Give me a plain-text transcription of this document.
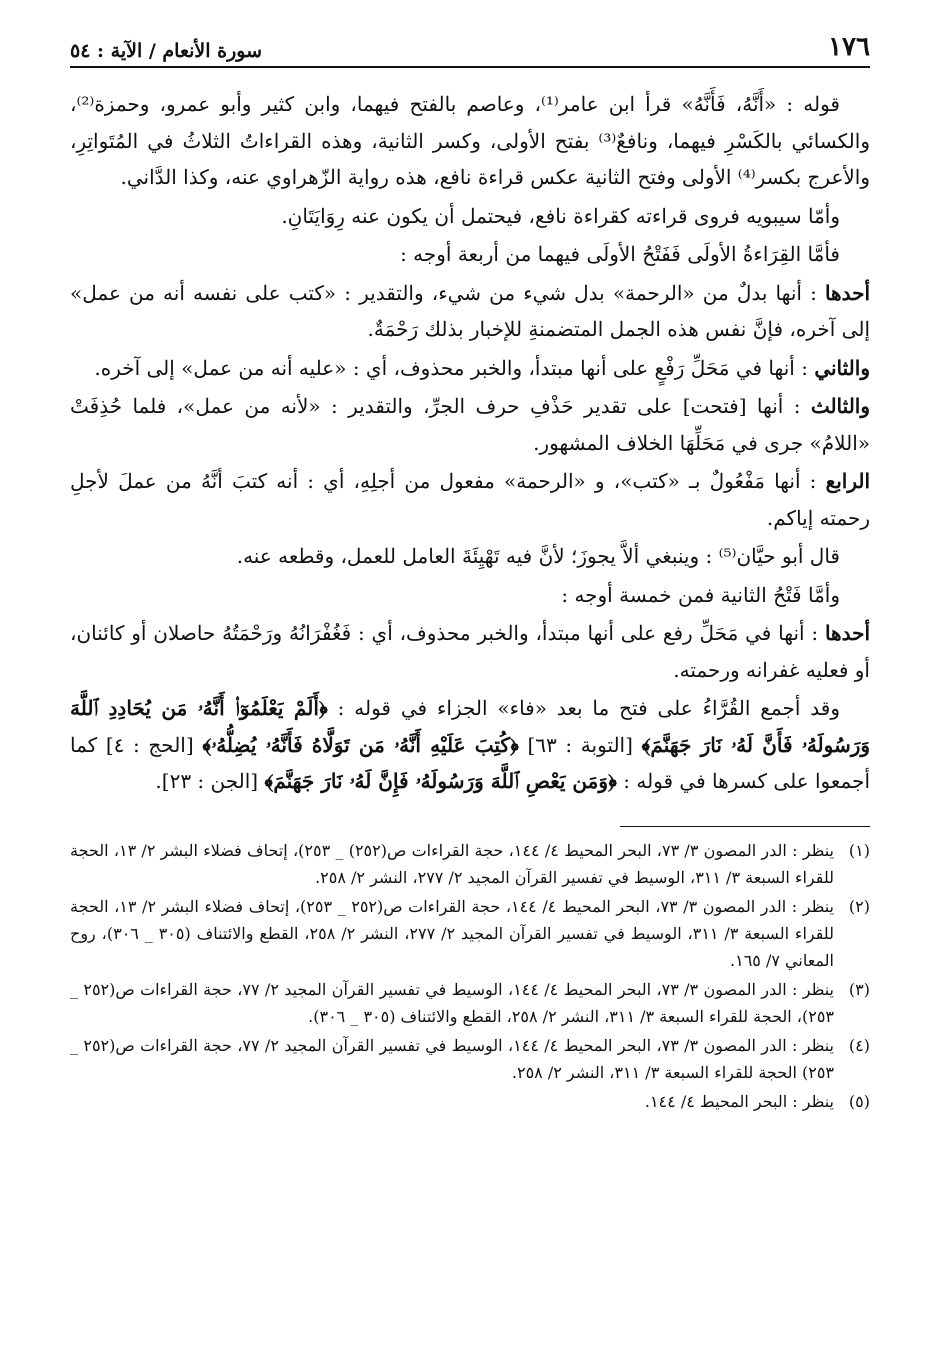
١٧٦
سورة الأنعام / الآية : ٥٤

قوله : «أَنَّهُ، فَأَنَّهُ» قرأ ابن عامر⁽¹⁾، وعاصم بالفتح فيهما، وابن كثير وأبو عمرو، وحمزة⁽²⁾، والكسائي بالكَسْرِ فيهما، ونافعٌ⁽³⁾ بفتح الأولى، وكسر الثانية، وهذه القراءاتُ الثلاثُ في المُتَواتِرِ، والأعرج بكسر⁽⁴⁾ الأولى وفتح الثانية عكس قراءة نافع، هذه رواية الزّهراوي عنه، وكذا الدَّاني.

وأمّا سيبويه فروى قراءته كقراءة نافع، فيحتمل أن يكون عنه رِوَايَتَانِ.

فأمَّا القِرَاءةُ الأولَى فَفَتْحُ الأولَى فيهما من أربعة أوجه :

أحدها : أنها بدلٌ من «الرحمة» بدل شيء من شيء، والتقدير : «كتب على نفسه أنه من عمل» إلى آخره، فإنَّ نفس هذه الجمل المتضمنةِ للإخبار بذلك رَحْمَةٌ.

والثاني : أنها في مَحَلِّ رَفْعٍ على أنها مبتدأ، والخبر محذوف، أي : «عليه أنه من عمل» إلى آخره.

والثالث : أنها [فتحت] على تقدير حَذْفِ حرف الجرِّ، والتقدير : «لأنه من عمل»، فلما حُذِفَتْ «اللامُ» جرى في مَحَلِّهَا الخلاف المشهور.

الرابع : أنها مَفْعُولٌ بـ «كتب»، و «الرحمة» مفعول من أجلِهِ، أي : أنه كتبَ أنَّهُ من عملَ لأجلِ رحمته إياكم.

قال أبو حيَّان⁽⁵⁾ : وينبغي ألاَّ يجوزَ؛ لأنَّ فيه تَهْيِئَةَ العامل للعمل، وقطعه عنه.

وأمَّا فَتْحُ الثانية فمن خمسة أوجه :

أحدها : أنها في مَحَلِّ رفع على أنها مبتدأ، والخبر محذوف، أي : فَغُفْرَانُهُ ورَحْمَتُهُ حاصلان أو كائنان، أو فعليه غفرانه ورحمته.

وقد أجمع القُرَّاءُ على فتح ما بعد «فاء» الجزاء في قوله : ﴿أَلَمْ يَعْلَمُوٓا۟ أَنَّهُۥ مَن يُحَادِدِ ٱللَّهَ وَرَسُولَهُۥ فَأَنَّ لَهُۥ نَارَ جَهَنَّمَ﴾ [التوبة : ٦٣] ﴿كُتِبَ عَلَيْهِ أَنَّهُۥ مَن تَوَلَّاهُ فَأَنَّهُۥ يُضِلُّهُۥ﴾ [الحج : ٤] كما أجمعوا على كسرها في قوله : ﴿وَمَن يَعْصِ ٱللَّهَ وَرَسُولَهُۥ فَإِنَّ لَهُۥ نَارَ جَهَنَّمَ﴾ [الجن : ٢٣].

(١)
ينظر : الدر المصون ٣/ ٧٣، البحر المحيط ٤/ ١٤٤، حجة القراءات ص(٢٥٢) _ ٢٥٣)، إتحاف فضلاء البشر ٢/ ١٣، الحجة للقراء السبعة ٣/ ٣١١، الوسيط في تفسير القرآن المجيد ٢/ ٢٧٧، النشر ٢/ ٢٥٨.
(٢)
ينظر : الدر المصون ٣/ ٧٣، البحر المحيط ٤/ ١٤٤، حجة القراءات ص(٢٥٢ _ ٢٥٣)، إتحاف فضلاء البشر ٢/ ١٣، الحجة للقراء السبعة ٣/ ٣١١، الوسيط في تفسير القرآن المجيد ٢/ ٢٧٧، النشر ٢/ ٢٥٨، القطع والائتناف (٣٠٥ _ ٣٠٦)، روح المعاني ٧/ ١٦٥.
(٣)
ينظر : الدر المصون ٣/ ٧٣، البحر المحيط ٤/ ١٤٤، الوسيط في تفسير القرآن المجيد ٢/ ٧٧، حجة القراءات ص(٢٥٢ _ ٢٥٣)، الحجة للقراء السبعة ٣/ ٣١١، النشر ٢/ ٢٥٨، القطع والائتناف (٣٠٥ _ ٣٠٦).
(٤)
ينظر : الدر المصون ٣/ ٧٣، البحر المحيط ٤/ ١٤٤، الوسيط في تفسير القرآن المجيد ٢/ ٧٧، حجة القراءات ص(٢٥٢ _ ٢٥٣) الحجة للقراء السبعة ٣/ ٣١١، النشر ٢/ ٢٥٨.
(٥)
ينظر : البحر المحيط ٤/ ١٤٤.
